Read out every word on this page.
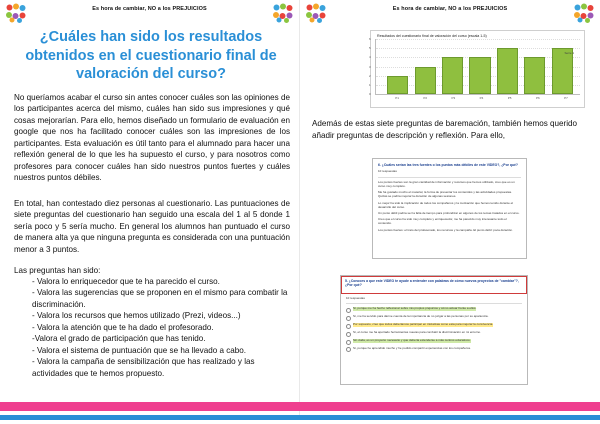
Es hora de cambiar, NO a los PREJUICIOS
¿Cuáles han sido los resultados obtenidos en el cuestionario final de valoración del curso?
No queríamos acabar el curso sin antes conocer cuáles son las opiniones de los participantes acerca del mismo, cuáles han sido sus impresiones y qué cosas mejorarían. Para ello, hemos diseñado un formulario de evaluación en google que nos ha facilitado conocer cuáles son las impresiones de los participantes. Esta evaluación es útil tanto para el alumnado para hacer una reflexión general de lo que les ha supuesto el curso, y para nosotros como profesores para conocer cuáles han sido nuestros puntos fuertes y cuáles nuestros puntos débiles.
En total, han contestado diez personas al cuestionario. Las puntuaciones de siete preguntas del cuestionario han seguido una escala del 1 al 5 donde 1 sería poco y 5 sería mucho. En general los alumnos han puntuado el curso de manera alta ya que ninguna pregunta es considerada con una puntuación menor a 3 puntos.
Las preguntas han sido:
- Valora lo enriquecedor que te ha parecido el curso.
- Valora las sugerencias que se proponen en el mismo para combatir la discriminación.
- Valora los recursos que hemos utilizado (Prezi, videos...)
- Valora la atención que te ha dado el profesorado.
-Valora el grado de participación que has tenido.
- Valora el sistema de puntuación que se ha llevado a cabo.
- Valora la campaña de sensibilización que has realizado y las actividades que te hemos propuesto.
Es hora de cambiar, NO a los PREJUICIOS
Resultados del cuestionario final de valoración del curso (escala 1-5)
6
5
4
3
2
1
0
Serie 1
P1	P2	P3	P4	P5	P6	P7
Además de estas siete preguntas de baremación, también hemos querido añadir preguntas de descripción y reflexión. Para ello,
6. ¿Cuáles serían las tres fuentes o los puntos más débiles de este VIDEO?, ¿Por qué?
10 respuestas
Los puntos fuertes son la gran cantidad de información y recursos que hemos utilizado, creo que es un curso muy completo.
Me ha gustado mucho el material, la forma de presentar los contenidos y las actividades propuestas. Quizás se podría mejorar la duración de algunas sesiones.
Lo mejor ha sido la implicación de todos los compañeros y la motivación que hemos tenido durante el desarrollo del curso.
Un punto débil podría ser la falta de tiempo para profundizar en algunos de los temas tratados en el curso.
Creo que el curso ha sido muy completo y enriquecedor, me ha parecido muy interesante todo el contenido.
Los puntos fuertes: el trato del profesorado, los recursos y la campaña. El punto débil: poca duración.
5. ¿Conoces a que este VIDEO te ayude a entender con palabras de cómo nuevos proyectos de "cambiar"?, ¿Por qué?
10 respuestas
Sí, porque me ha hecho reflexionar sobre mis propios prejuicios y cómo actuar frente a ellos.
Sí, me ha servido para darme cuenta de la importancia de no juzgar a las personas por su apariencia.
Por supuesto, creo que todos deberíamos participar en iniciativas como esta para mejorar la convivencia.
Sí, el curso me ha aportado herramientas nuevas para combatir la discriminación en mi entorno.
Sin duda, es un proyecto necesario y que debería extenderse a más centros educativos.
Sí, porque he aprendido mucho y he podido compartir experiencias con los compañeros.
